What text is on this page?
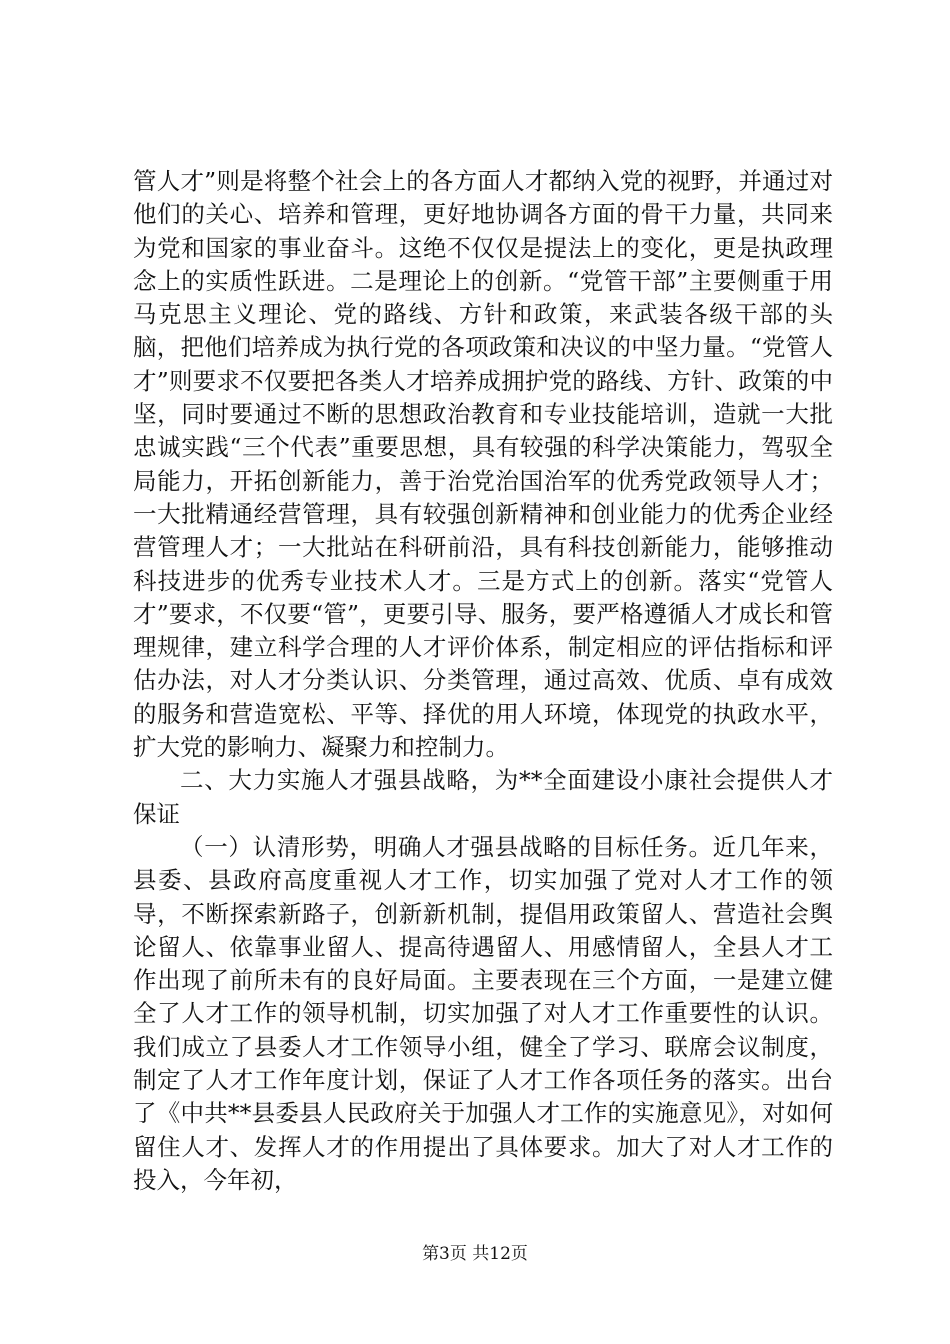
管人才”则是将整个社会上的各方面人才都纳入党的视野，并通过对他们的关心、培养和管理，更好地协调各方面的骨干力量，共同来为党和国家的事业奋斗。这绝不仅仅是提法上的变化，更是执政理念上的实质性跃进。二是理论上的创新。“党管干部”主要侧重于用马克思主义理论、党的路线、方针和政策，来武装各级干部的头脑，把他们培养成为执行党的各项政策和决议的中坚力量。“党管人才”则要求不仅要把各类人才培养成拥护党的路线、方针、政策的中坚，同时要通过不断的思想政治教育和专业技能培训，造就一大批忠诚实践“三个代表”重要思想，具有较强的科学决策能力，驾驭全局能力，开拓创新能力，善于治党治国治军的优秀党政领导人才；一大批精通经营管理，具有较强创新精神和创业能力的优秀企业经营管理人才；一大批站在科研前沿，具有科技创新能力，能够推动科技进步的优秀专业技术人才。三是方式上的创新。落实“党管人才”要求，不仅要“管”，更要引导、服务，要严格遵循人才成长和管理规律，建立科学合理的人才评价体系，制定相应的评估指标和评估办法，对人才分类认识、分类管理，通过高效、优质、卓有成效的服务和营造宽松、平等、择优的用人环境，体现党的执政水平，扩大党的影响力、凝聚力和控制力。

二、大力实施人才强县战略，为**全面建设小康社会提供人才保证

（一）认清形势，明确人才强县战略的目标任务。近几年来，县委、县政府高度重视人才工作，切实加强了党对人才工作的领导，不断探索新路子，创新新机制，提倡用政策留人、营造社会舆论留人、依靠事业留人、提高待遇留人、用感情留人，全县人才工作出现了前所未有的良好局面。主要表现在三个方面，一是建立健全了人才工作的领导机制，切实加强了对人才工作重要性的认识。我们成立了县委人才工作领导小组，健全了学习、联席会议制度，制定了人才工作年度计划，保证了人才工作各项任务的落实。出台了《中共**县委县人民政府关于加强人才工作的实施意见》，对如何留住人才、发挥人才的作用提出了具体要求。加大了对人才工作的投入，今年初，

第3页 共12页
